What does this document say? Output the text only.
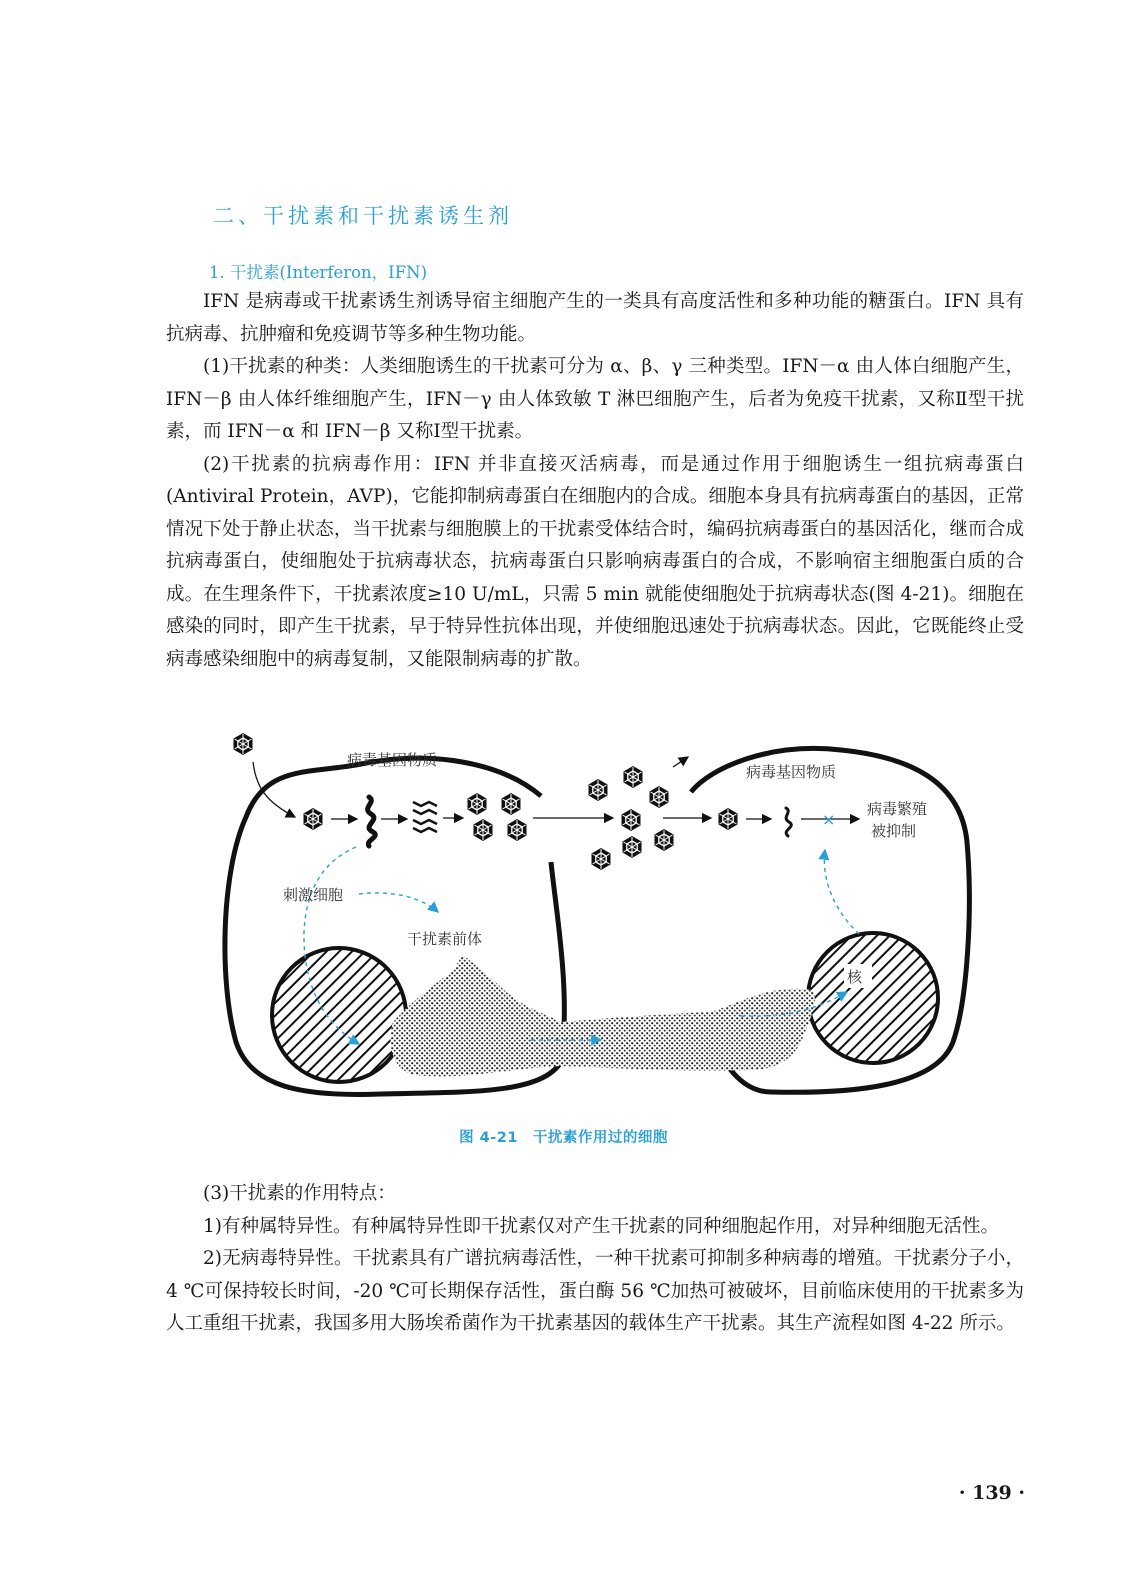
二、干扰素和干扰素诱生剂
1. 干扰素(Interferon，IFN)

IFN 是病毒或干扰素诱生剂诱导宿主细胞产生的一类具有高度活性和多种功能的糖蛋白。IFN 具有抗病毒、抗肿瘤和免疫调节等多种生物功能。

(1)干扰素的种类：人类细胞诱生的干扰素可分为 α、β、γ 三种类型。IFN－α 由人体白细胞产生，IFN－β 由人体纤维细胞产生，IFN－γ 由人体致敏 T 淋巴细胞产生，后者为免疫干扰素，又称Ⅱ型干扰素，而 IFN－α 和 IFN－β 又称Ⅰ型干扰素。

(2)干扰素的抗病毒作用：IFN 并非直接灭活病毒，而是通过作用于细胞诱生一组抗病毒蛋白(Antiviral Protein，AVP)，它能抑制病毒蛋白在细胞内的合成。细胞本身具有抗病毒蛋白的基因，正常情况下处于静止状态，当干扰素与细胞膜上的干扰素受体结合时，编码抗病毒蛋白的基因活化，继而合成抗病毒蛋白，使细胞处于抗病毒状态，抗病毒蛋白只影响病毒蛋白的合成，不影响宿主细胞蛋白质的合成。在生理条件下，干扰素浓度≥10 U/mL，只需 5 min 就能使细胞处于抗病毒状态(图 4-21)。细胞在感染的同时，即产生干扰素，早于特异性抗体出现，并使细胞迅速处于抗病毒状态。因此，它既能终止受病毒感染细胞中的病毒复制，又能限制病毒的扩散。

×
病毒基因物质
病毒基因物质
刺激细胞
干扰素前体
病毒繁殖
被抑制
核
图 4-21　干扰素作用过的细胞

(3)干扰素的作用特点：

1)有种属特异性。有种属特异性即干扰素仅对产生干扰素的同种细胞起作用，对异种细胞无活性。

2)无病毒特异性。干扰素具有广谱抗病毒活性，一种干扰素可抑制多种病毒的增殖。干扰素分子小，4 ℃可保持较长时间，-20 ℃可长期保存活性，蛋白酶 56 ℃加热可被破坏，目前临床使用的干扰素多为人工重组干扰素，我国多用大肠埃希菌作为干扰素基因的载体生产干扰素。其生产流程如图 4-22 所示。

· 139 ·
